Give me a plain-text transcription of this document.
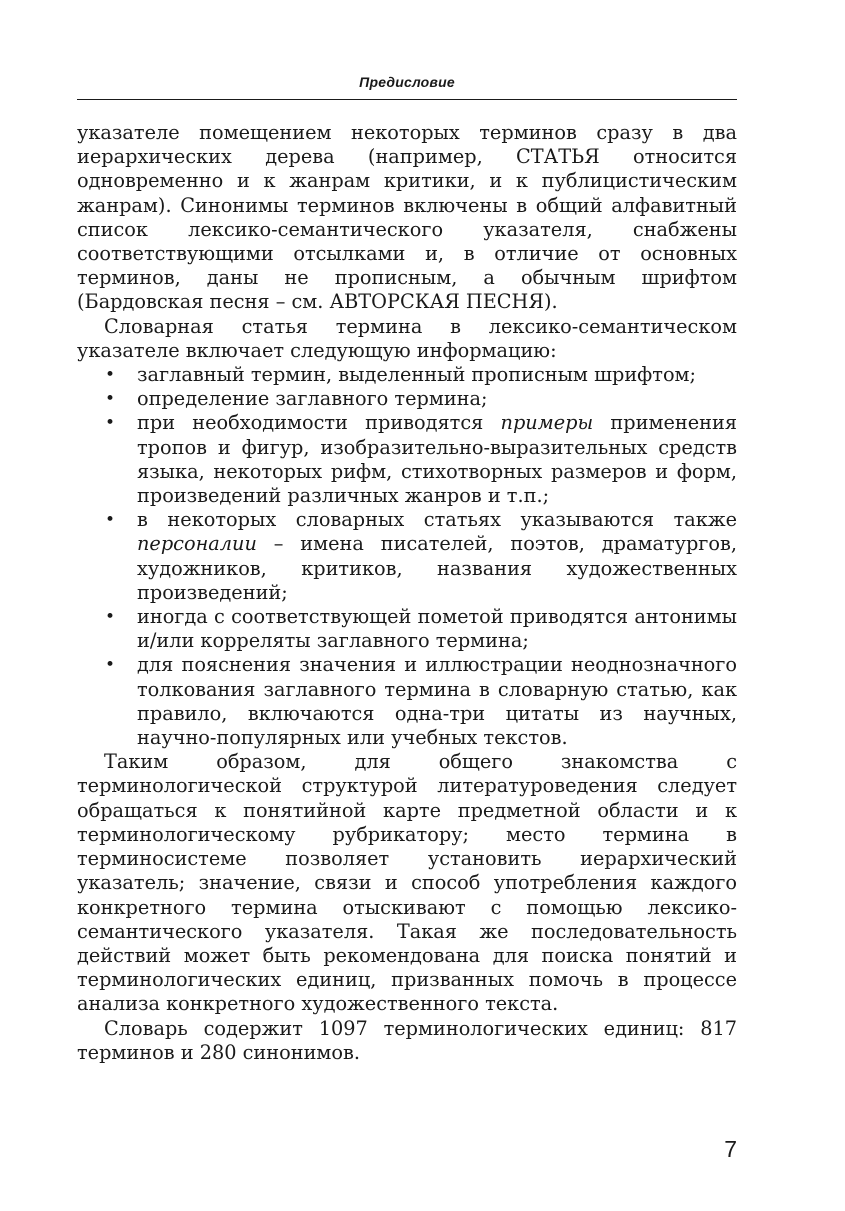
Предисловие

указателе помещением некоторых терминов сразу в два иерархических дерева (например, СТАТЬЯ относится одновременно и к жанрам критики, и к публицистическим жанрам). Синонимы терминов включены в общий алфавитный список лексико-семантического указателя, снабжены соответствующими отсылками и, в отличие от основных терминов, даны не прописным, а обычным шрифтом (Бардовская песня – см. АВТОРСКАЯ ПЕСНЯ).

Словарная статья термина в лексико-семантическом указателе включает следующую информацию:

• заглавный термин, выделенный прописным шрифтом;
• определение заглавного термина;
• при необходимости приводятся примеры применения тропов и фигур, изобразительно-выразительных средств языка, некоторых рифм, стихотворных размеров и форм, произведений различных жанров и т.п.;
• в некоторых словарных статьях указываются также персоналии – имена писателей, поэтов, драматургов, художников, критиков, названия художественных произведений;
• иногда с соответствующей пометой приводятся антонимы и/или корреляты заглавного термина;
• для пояснения значения и иллюстрации неоднозначного толкования заглавного термина в словарную статью, как правило, включаются одна-три цитаты из научных, научно-популярных или учебных текстов.

Таким образом, для общего знакомства с терминологической структурой литературоведения следует обращаться к понятийной карте предметной области и к терминологическому рубрикатору; место термина в терминосистеме позволяет установить иерархический указатель; значение, связи и способ употребления каждого конкретного термина отыскивают с помощью лексико-семантического указателя. Такая же последовательность действий может быть рекомендована для поиска понятий и терминологических единиц, призванных помочь в процессе анализа конкретного художественного текста.

Словарь содержит 1097 терминологических единиц: 817 терминов и 280 синонимов.

7
